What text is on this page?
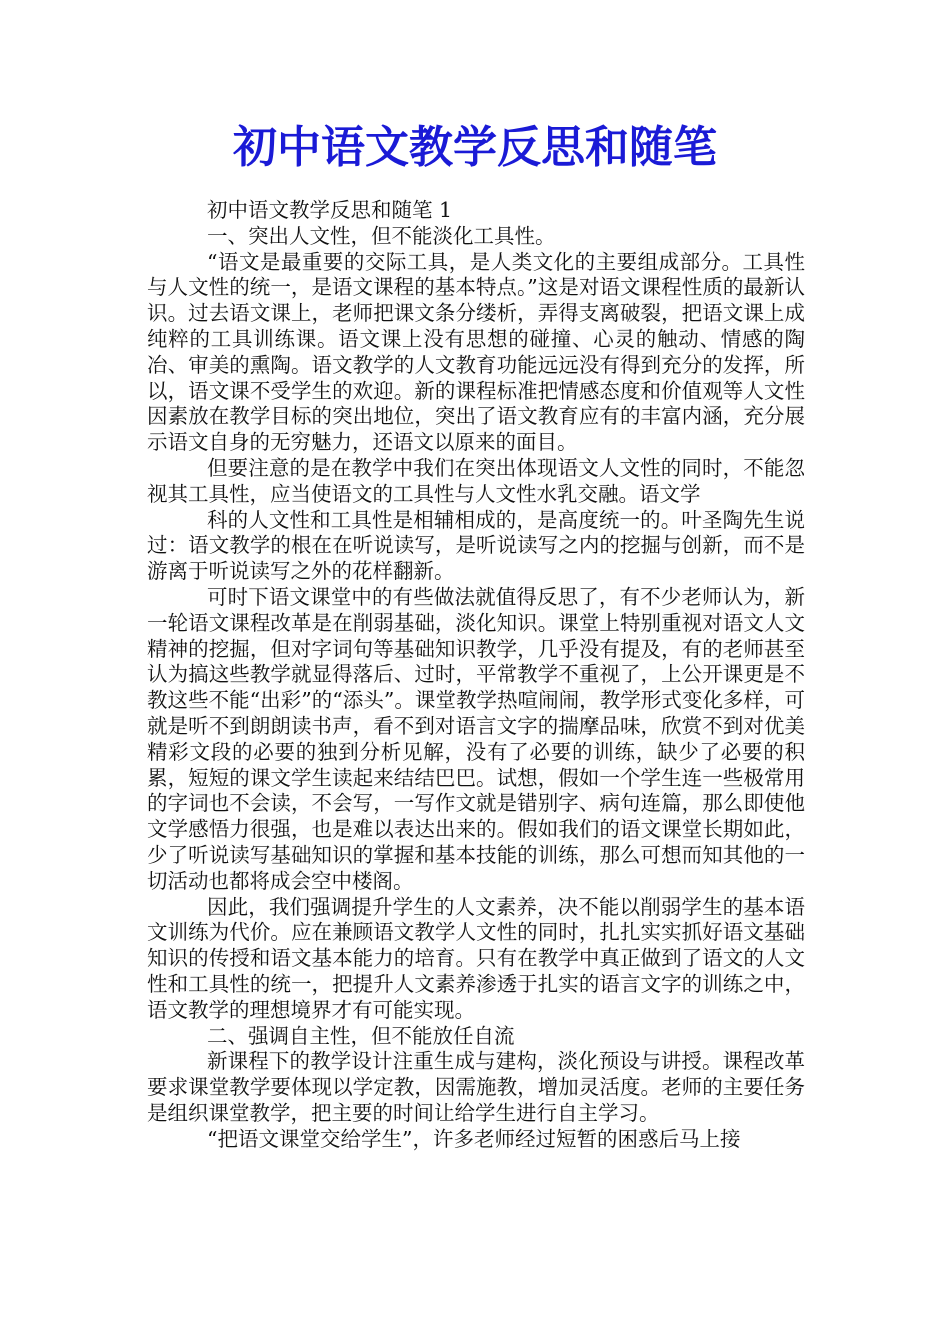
初中语文教学反思和随笔

初中语文教学反思和随笔 1

一、突出人文性，但不能淡化工具性。

“语文是最重要的交际工具，是人类文化的主要组成部分。工具性与人文性的统一，是语文课程的基本特点。”这是对语文课程性质的最新认识。过去语文课上，老师把课文条分缕析，弄得支离破裂，把语文课上成纯粹的工具训练课。语文课上没有思想的碰撞、心灵的触动、情感的陶冶、审美的熏陶。语文教学的人文教育功能远远没有得到充分的发挥，所以，语文课不受学生的欢迎。新的课程标准把情感态度和价值观等人文性因素放在教学目标的突出地位，突出了语文教育应有的丰富内涵，充分展示语文自身的无穷魅力，还语文以原来的面目。

但要注意的是在教学中我们在突出体现语文人文性的同时，不能忽视其工具性，应当使语文的工具性与人文性水乳交融。语文学

科的人文性和工具性是相辅相成的，是高度统一的。叶圣陶先生说过：语文教学的根在在听说读写，是听说读写之内的挖掘与创新，而不是游离于听说读写之外的花样翻新。

可时下语文课堂中的有些做法就值得反思了，有不少老师认为，新一轮语文课程改革是在削弱基础，淡化知识。课堂上特别重视对语文人文精神的挖掘，但对字词句等基础知识教学，几乎没有提及，有的老师甚至认为搞这些教学就显得落后、过时，平常教学不重视了，上公开课更是不教这些不能“出彩”的“添头”。课堂教学热喧闹闹，教学形式变化多样，可就是听不到朗朗读书声，看不到对语言文字的揣摩品味，欣赏不到对优美精彩文段的必要的独到分析见解，没有了必要的训练，缺少了必要的积累，短短的课文学生读起来结结巴巴。试想，假如一个学生连一些极常用的字词也不会读，不会写，一写作文就是错别字、病句连篇，那么即使他文学感悟力很强，也是难以表达出来的。假如我们的语文课堂长期如此，少了听说读写基础知识的掌握和基本技能的训练，那么可想而知其他的一切活动也都将成会空中楼阁。

因此，我们强调提升学生的人文素养，决不能以削弱学生的基本语文训练为代价。应在兼顾语文教学人文性的同时，扎扎实实抓好语文基础知识的传授和语文基本能力的培育。只有在教学中真正做到了语文的人文性和工具性的统一，把提升人文素养渗透于扎实的语言文字的训练之中，语文教学的理想境界才有可能实现。

二、强调自主性，但不能放任自流

新课程下的教学设计注重生成与建构，淡化预设与讲授。课程改革要求课堂教学要体现以学定教，因需施教，增加灵活度。老师的主要任务是组织课堂教学，把主要的时间让给学生进行自主学习。

“把语文课堂交给学生”，许多老师经过短暂的困惑后马上接
